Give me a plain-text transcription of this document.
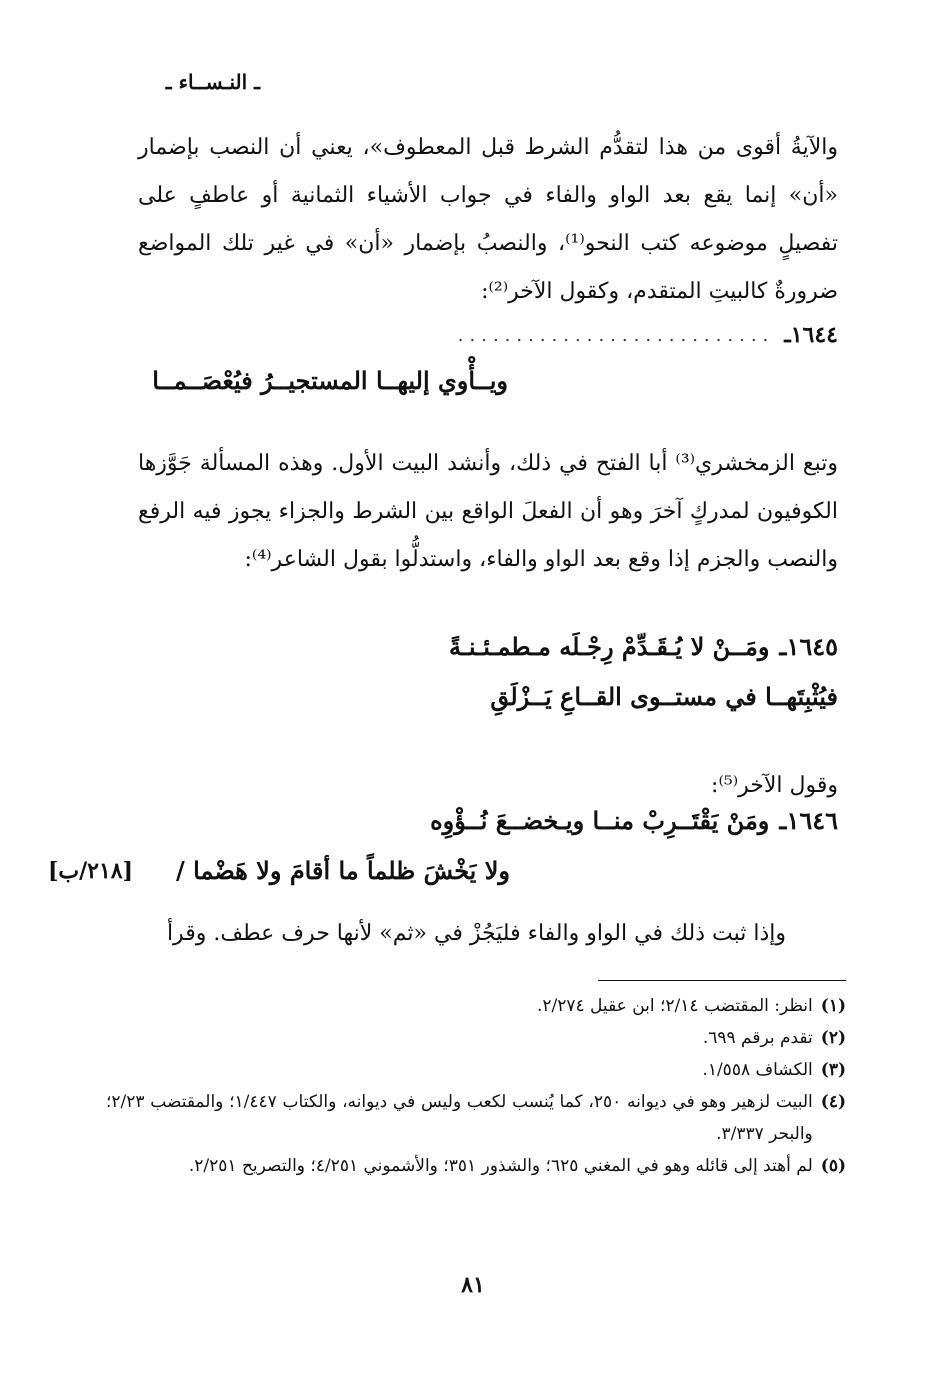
ـ النـســاء ـ

والآيةُ أقوى من هذا لتقدُّم الشرط قبل المعطوف»، يعني أن النصب بإضمار «أن» إنما يقع بعد الواو والفاء في جواب الأشياء الثمانية أو عاطفٍ على تفصيلٍ موضوعه كتب النحو⁽¹⁾، والنصبُ بإضمار «أن» في غير تلك المواضع ضرورةٌ كالبيتِ المتقدم، وكقول الآخر⁽²⁾:

١٦٤٤ـ
...........................
ويــأْوي إليهــا المستجيــرُ فيُعْصَــمــا

وتبع الزمخشري⁽³⁾ أبا الفتح في ذلك، وأنشد البيت الأول. وهذه المسألة جَوَّزها الكوفيون لمدركٍ آخرَ وهو أن الفعلَ الواقع بين الشرط والجزاء يجوز فيه الرفع والنصب والجزم إذا وقع بعد الواو والفاء، واستدلُّوا بقول الشاعر⁽⁴⁾:

١٦٤٥ـ
ومَــنْ لا يُـقَـدِّمْ رِجْـلَه مـطمـئـنـةً
فيُثْبِتَهــا في مستــوى القــاعِ يَــزْلَقِ

وقول الآخر⁽⁵⁾:

١٦٤٦ـ
ومَنْ يَقْتَــرِبْ منــا ويـخضــعَ نُــؤْوِه
ولا يَخْشَ ظلماً ما أقامَ ولا هَضْما /
[٢١٨/ب]

وإذا ثبت ذلك في الواو والفاء فليَجُزْ في «ثم» لأنها حرف عطف. وقرأ

(١)
انظر: المقتضب ٢/١٤؛ ابن عقيل ٢/٢٧٤.
(٢)
تقدم برقم ٦٩٩.
(٣)
الكشاف ١/٥٥٨.
(٤)
البيت لزهير وهو في ديوانه ٢٥٠، كما يُنسب لكعب وليس في ديوانه، والكتاب ١/٤٤٧؛ والمقتضب ٢/٢٣؛ والبحر ٣/٣٣٧.
(٥)
لم أهتد إلى قائله وهو في المغني ٦٢٥؛ والشذور ٣٥١؛ والأشموني ٤/٢٥١؛ والتصريح ٢/٢٥١.
٨١
